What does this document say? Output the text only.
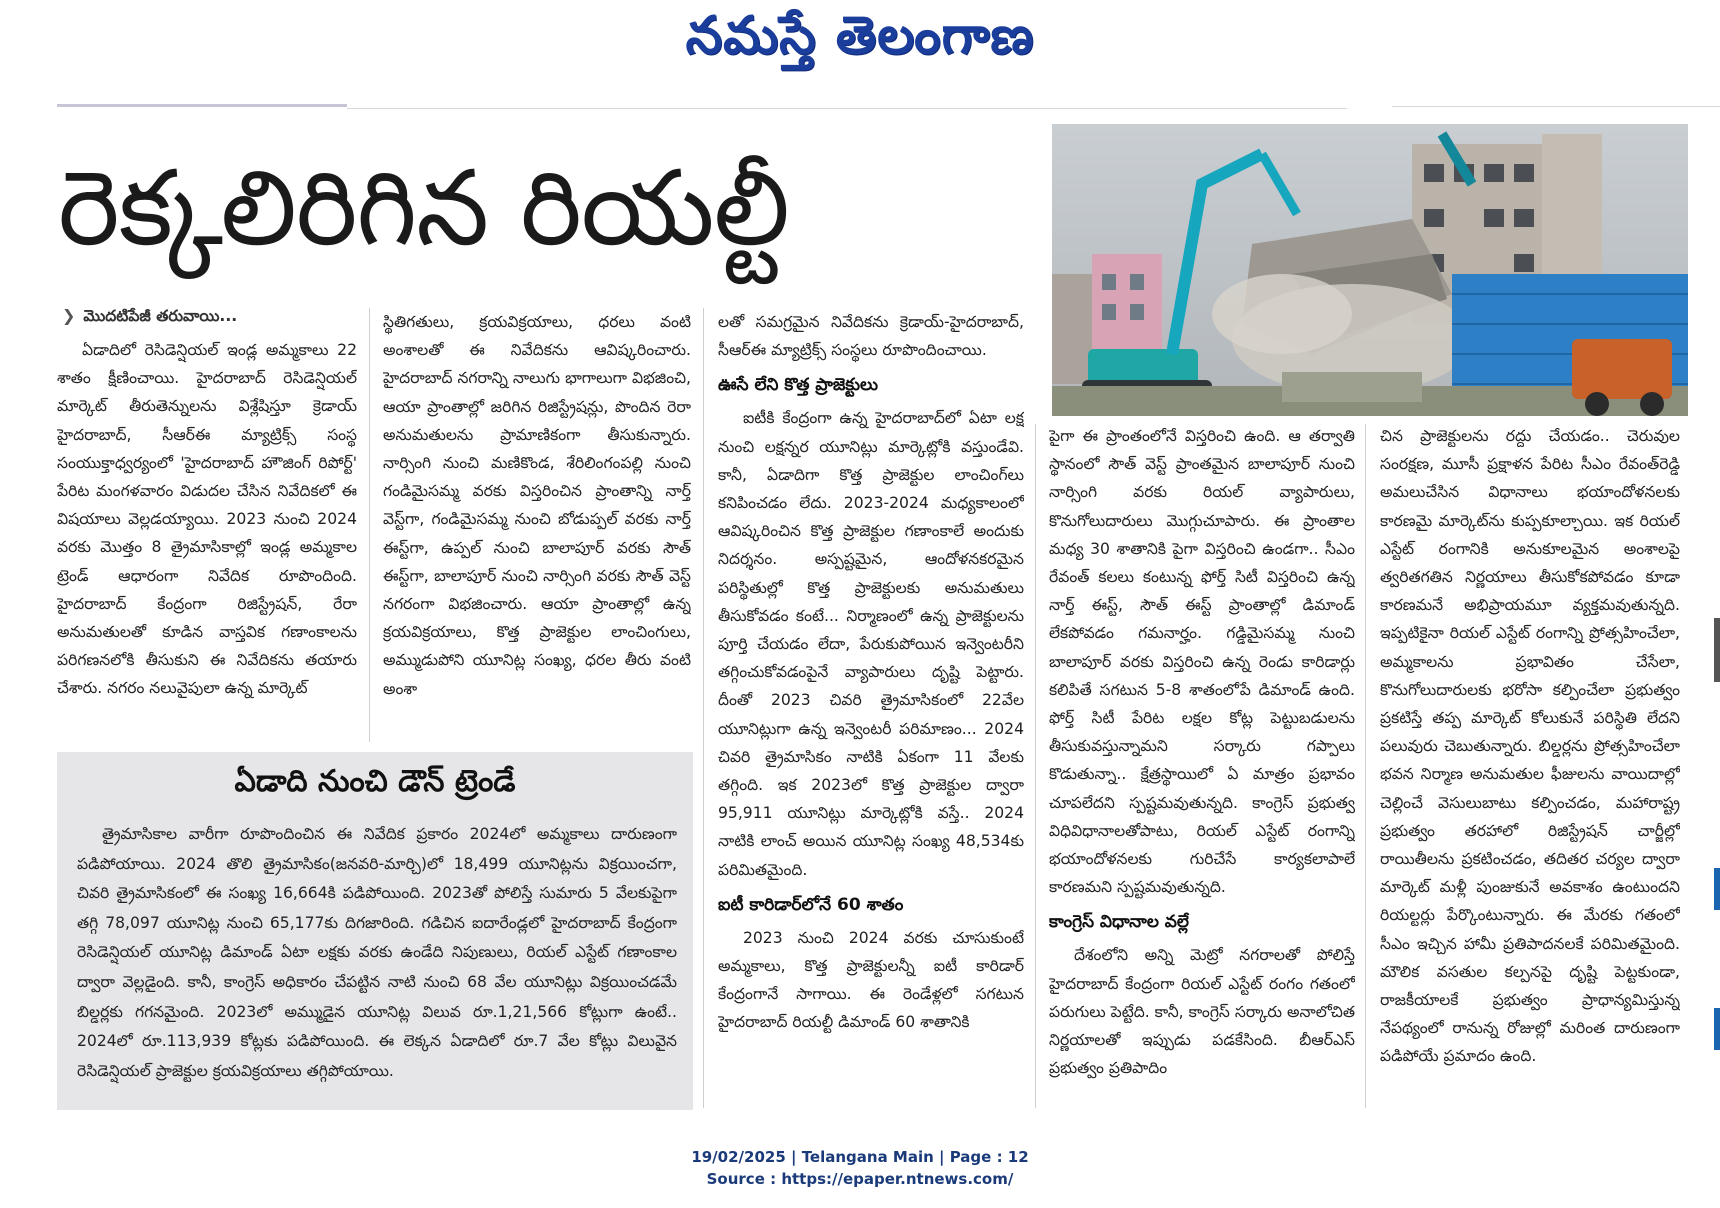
నమస్తే తెలంగాణ
రెక్కలిరిగిన రియల్టీ
❯ మొదటిపేజీ తరువాయి...

ఏడాదిలో రెసిడెన్షియల్ ఇండ్ల అమ్మకాలు 22 శాతం క్షీణించాయి. హైదరాబాద్ రెసిడెన్షియల్ మార్కెట్ తీరుతెన్నులను విశ్లేషిస్తూ క్రెడాయ్ హైదరాబాద్, సీఆర్ఈ మ్యాట్రిక్స్ సంస్థ సంయుక్తాధ్వర్యంలో 'హైదరాబాద్ హౌజింగ్ రిపోర్ట్' పేరిట మంగళవారం విడుదల చేసిన నివేదికలో ఈ విషయాలు వెల్లడయ్యాయి. 2023 నుంచి 2024 వరకు మొత్తం 8 త్రైమాసికాల్లో ఇండ్ల అమ్మకాల ట్రెండ్ ఆధారంగా నివేదిక రూపొందింది. హైదరాబాద్ కేంద్రంగా రిజిస్ట్రేషన్, రేరా అనుమతులతో కూడిన వాస్తవిక గణాంకాలను పరిగణనలోకి తీసుకుని ఈ నివేదికను తయారు చేశారు. నగరం నలువైపులా ఉన్న మార్కెట్

స్థితిగతులు, క్రయవిక్రయాలు, ధరలు వంటి అంశాలతో ఈ నివేదికను ఆవిష్కరించారు. హైదరాబాద్ నగరాన్ని నాలుగు భాగాలుగా విభజించి, ఆయా ప్రాంతాల్లో జరిగిన రిజిస్ట్రేషన్లు, పొందిన రెరా అనుమతులను ప్రామాణికంగా తీసుకున్నారు. నార్సింగి నుంచి మణికొండ, శేరిలింగంపల్లి నుంచి గండిమైసమ్మ వరకు విస్తరించిన ప్రాంతాన్ని నార్త్ వెస్ట్‌గా, గండిమైసమ్మ నుంచి బోడుప్పల్ వరకు నార్త్ ఈస్ట్‌గా, ఉప్పల్ నుంచి బాలాపూర్ వరకు సౌత్ ఈస్ట్‌గా, బాలాపూర్ నుంచి నార్సింగి వరకు సౌత్ వెస్ట్ నగరంగా విభజించారు. ఆయా ప్రాంతాల్లో ఉన్న క్రయవిక్రయాలు, కొత్త ప్రాజెక్టుల లాంచింగులు, అమ్ముడుపోని యూనిట్ల సంఖ్య, ధరల తీరు వంటి అంశా

లతో సమగ్రమైన నివేదికను క్రెడాయ్-హైదరాబాద్, సీఆర్ఈ మ్యాట్రిక్స్ సంస్థలు రూపొందించాయి.

ఊసే లేని కొత్త ప్రాజెక్టులు

ఐటీకి కేంద్రంగా ఉన్న హైదరాబాద్‌లో ఏటా లక్ష నుంచి లక్షన్నర యూనిట్లు మార్కెట్లోకి వస్తుండేవి. కానీ, ఏడాదిగా కొత్త ప్రాజెక్టుల లాంచింగ్‌లు కనిపించడం లేదు. 2023-2024 మధ్యకాలంలో ఆవిష్కరించిన కొత్త ప్రాజెక్టుల గణాంకాలే అందుకు నిదర్శనం. అస్పష్టమైన, ఆందోళనకరమైన పరిస్థితుల్లో కొత్త ప్రాజెక్టులకు అనుమతులు తీసుకోవడం కంటే... నిర్మాణంలో ఉన్న ప్రాజెక్టులను పూర్తి చేయడం లేదా, పేరుకుపోయిన ఇన్వెంటరీని తగ్గించుకోవడంపైనే వ్యాపారులు దృష్టి పెట్టారు. దీంతో 2023 చివరి త్రైమాసికంలో 22వేల యూనిట్లుగా ఉన్న ఇన్వెంటరీ పరిమాణం... 2024 చివరి త్రైమాసికం నాటికి ఏకంగా 11 వేలకు తగ్గింది. ఇక 2023లో కొత్త ప్రాజెక్టుల ద్వారా 95,911 యూనిట్లు మార్కెట్లోకి వస్తే.. 2024 నాటికి లాంచ్ అయిన యూనిట్ల సంఖ్య 48,534కు పరిమితమైంది.

ఐటీ కారిడార్‌లోనే 60 శాతం

2023 నుంచి 2024 వరకు చూసుకుంటే అమ్మకాలు, కొత్త ప్రాజెక్టులన్నీ ఐటీ కారిడార్ కేంద్రంగానే సాగాయి. ఈ రెండేళ్లలో సగటున హైదరాబాద్ రియల్టీ డిమాండ్ 60 శాతానికి

పైగా ఈ ప్రాంతంలోనే విస్తరించి ఉంది. ఆ తర్వాతి స్థానంలో సౌత్ వెస్ట్ ప్రాంతమైన బాలాపూర్ నుంచి నార్సింగి వరకు రియల్ వ్యాపారులు, కొనుగోలుదారులు మొగ్గుచూపారు. ఈ ప్రాంతాల మధ్య 30 శాతానికి పైగా విస్తరించి ఉండగా.. సీఎం రేవంత్ కలలు కంటున్న ఫోర్త్ సిటీ విస్తరించి ఉన్న నార్త్ ఈస్ట్, సౌత్ ఈస్ట్ ప్రాంతాల్లో డిమాండ్ లేకపోవడం గమనార్హం. గడ్డిమైసమ్మ నుంచి బాలాపూర్ వరకు విస్తరించి ఉన్న రెండు కారిడార్లు కలిపితే సగటున 5-8 శాతంలోపే డిమాండ్ ఉంది. ఫోర్త్ సిటీ పేరిట లక్షల కోట్ల పెట్టుబడులను తీసుకువస్తున్నామని సర్కారు గప్పాలు కొడుతున్నా.. క్షేత్రస్థాయిలో ఏ మాత్రం ప్రభావం చూపలేదని స్పష్టమవుతున్నది. కాంగ్రెస్ ప్రభుత్వ విధివిధానాలతోపాటు, రియల్ ఎస్టేట్ రంగాన్ని భయాందోళనలకు గురిచేసే కార్యకలాపాలే కారణమని స్పష్టమవుతున్నది.

కాంగ్రెస్ విధానాల వల్లే

దేశంలోని అన్ని మెట్రో నగరాలతో పోలిస్తే హైదరాబాద్ కేంద్రంగా రియల్ ఎస్టేట్ రంగం గతంలో పరుగులు పెట్టేది. కానీ, కాంగ్రెస్ సర్కారు అనాలోచిత నిర్ణయాలతో ఇప్పుడు పడకేసింది. బీఆర్ఎస్ ప్రభుత్వం ప్రతిపాదిం

చిన ప్రాజెక్టులను రద్దు చేయడం.. చెరువుల సంరక్షణ, మూసీ ప్రక్షాళన పేరిట సీఎం రేవంత్‌రెడ్డి అమలుచేసిన విధానాలు భయాందోళనలకు కారణమై మార్కెట్‌ను కుప్పకూల్చాయి. ఇక రియల్ ఎస్టేట్ రంగానికి అనుకూలమైన అంశాలపై త్వరితగతిన నిర్ణయాలు తీసుకోకపోవడం కూడా కారణమనే అభిప్రాయమూ వ్యక్తమవుతున్నది. ఇప్పటికైనా రియల్ ఎస్టేట్ రంగాన్ని ప్రోత్సహించేలా, అమ్మకాలను ప్రభావితం చేసేలా, కొనుగోలుదారులకు భరోసా కల్పించేలా ప్రభుత్వం ప్రకటిస్తే తప్ప మార్కెట్ కోలుకునే పరిస్థితి లేదని పలువురు చెబుతున్నారు. బిల్డర్లను ప్రోత్సహించేలా భవన నిర్మాణ అనుమతుల ఫీజులను వాయిదాల్లో చెల్లించే వెసులుబాటు కల్పించడం, మహారాష్ట్ర ప్రభుత్వం తరహాలో రిజిస్ట్రేషన్ చార్జీల్లో రాయితీలను ప్రకటించడం, తదితర చర్యల ద్వారా మార్కెట్ మళ్లీ పుంజుకునే అవకాశం ఉంటుందని రియల్టర్లు పేర్కొంటున్నారు. ఈ మేరకు గతంలో సీఎం ఇచ్చిన హామీ ప్రతిపాదనలకే పరిమితమైంది. మౌలిక వసతుల కల్పనపై దృష్టి పెట్టకుండా, రాజకీయాలకే ప్రభుత్వం ప్రాధాన్యమిస్తున్న నేపథ్యంలో రానున్న రోజుల్లో మరింత దారుణంగా పడిపోయే ప్రమాదం ఉంది.

ఏడాది నుంచి డౌన్ ట్రెండే

త్రైమాసికాల వారీగా రూపొందించిన ఈ నివేదిక ప్రకారం 2024లో అమ్మకాలు దారుణంగా పడిపోయాయి. 2024 తొలి త్రైమాసికం(జనవరి-మార్చి)లో 18,499 యూనిట్లను విక్రయించగా, చివరి త్రైమాసికంలో ఈ సంఖ్య 16,664కి పడిపోయింది. 2023తో పోలిస్తే సుమారు 5 వేలకుపైగా తగ్గి 78,097 యూనిట్ల నుంచి 65,177కు దిగజారింది. గడిచిన ఐదారేండ్లలో హైదరాబాద్ కేంద్రంగా రెసిడెన్షియల్ యూనిట్ల డిమాండ్ ఏటా లక్షకు వరకు ఉండేది నిపుణులు, రియల్ ఎస్టేట్ గణాంకాల ద్వారా వెల్లడైంది. కానీ, కాంగ్రెస్ అధికారం చేపట్టిన నాటి నుంచి 68 వేల యూనిట్లు విక్రయించడమే బిల్డర్లకు గగనమైంది. 2023లో అమ్ముడైన యూనిట్ల విలువ రూ.1,21,566 కోట్లుగా ఉంటే.. 2024లో రూ.113,939 కోట్లకు పడిపోయింది. ఈ లెక్కన ఏడాదిలో రూ.7 వేల కోట్లు విలువైన రెసిడెన్షియల్ ప్రాజెక్టుల క్రయవిక్రయాలు తగ్గిపోయాయి.

19/02/2025 | Telangana Main | Page : 12
Source : https://epaper.ntnews.com/
